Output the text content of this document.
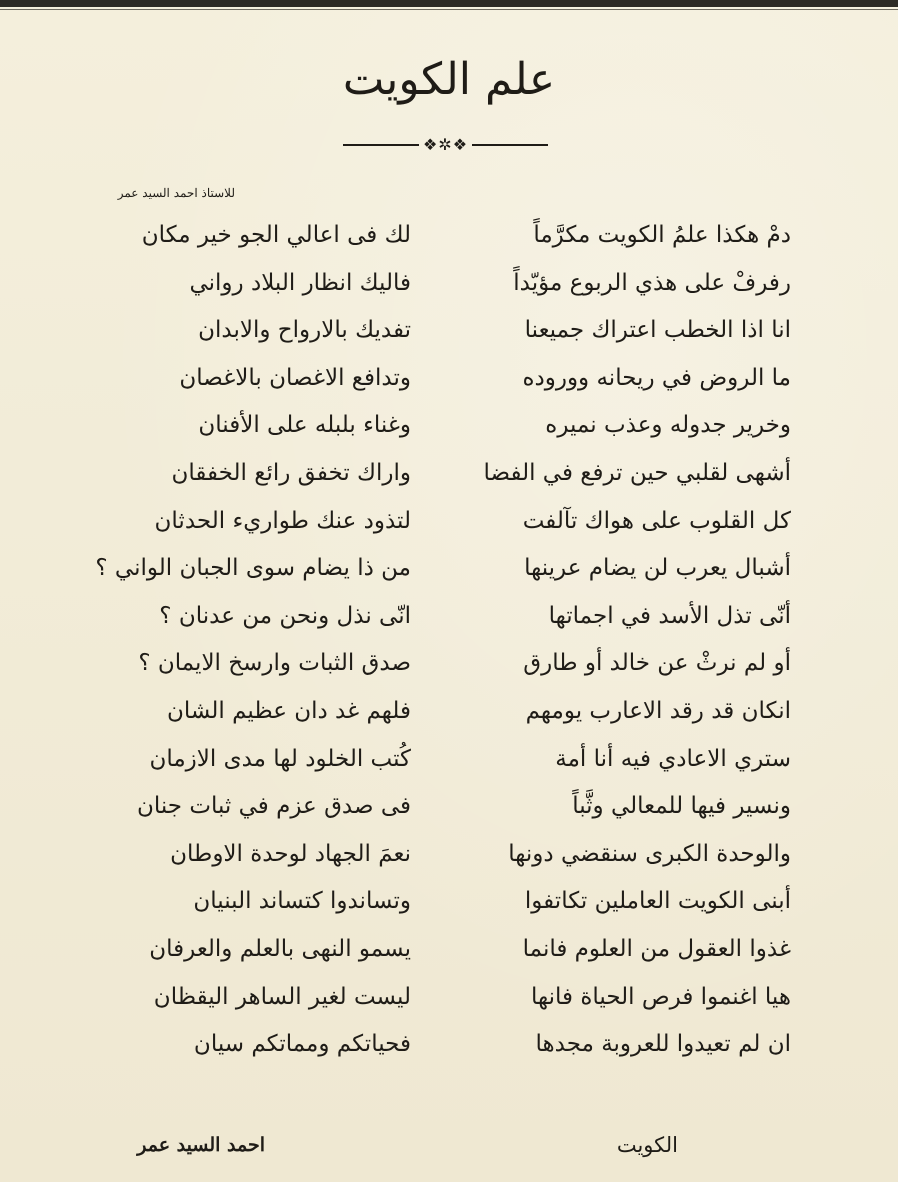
علم الكويت
❖✲❖
للاستاذ احمد السيد عمر
دمْ هكذا علمُ الكويت مكرَّماً
رفرفْ على هذي الربوع مؤيّداً
انا اذا الخطب اعتراك جميعنا
ما الروض في ريحانه ووروده
وخرير جدوله وعذب نميره
أشهى لقلبي حين ترفع في الفضا
كل القلوب على هواك تآلفت
أشبال يعرب لن يضام عرينها
أنّى تذل الأسد في اجماتها
أو لم نرثْ عن خالد أو طارق
انكان قد رقد الاعارب يومهم
ستري الاعادي فيه أنا أمة
ونسير فيها للمعالي وثَّباً
والوحدة الكبرى سنقضي دونها
أبنى الكويت العاملين تكاتفوا
غذوا العقول من العلوم فانما
هيا اغنموا فرص الحياة فانها
ان لم تعيدوا للعروبة مجدها
لك فى اعالي الجو خير مكان
فاليك انظار البلاد رواني
تفديك بالارواح والابدان
وتدافع الاغصان بالاغصان
وغناء بلبله على الأفنان
واراك تخفق رائع الخفقان
لتذود عنك طواريء الحدثان
من ذا يضام سوى الجبان الواني ؟
انّى نذل ونحن من عدنان ؟
صدق الثبات وارسخ الايمان ؟
فلهم غد دان عظيم الشان
كُتب الخلود لها مدى الازمان
فى صدق عزم في ثبات جنان
نعمَ الجهاد لوحدة الاوطان
وتساندوا كتساند البنيان
يسمو النهى بالعلم والعرفان
ليست لغير الساهر اليقظان
فحياتكم ومماتكم سيان
الكويت
احمد السيد عمر
